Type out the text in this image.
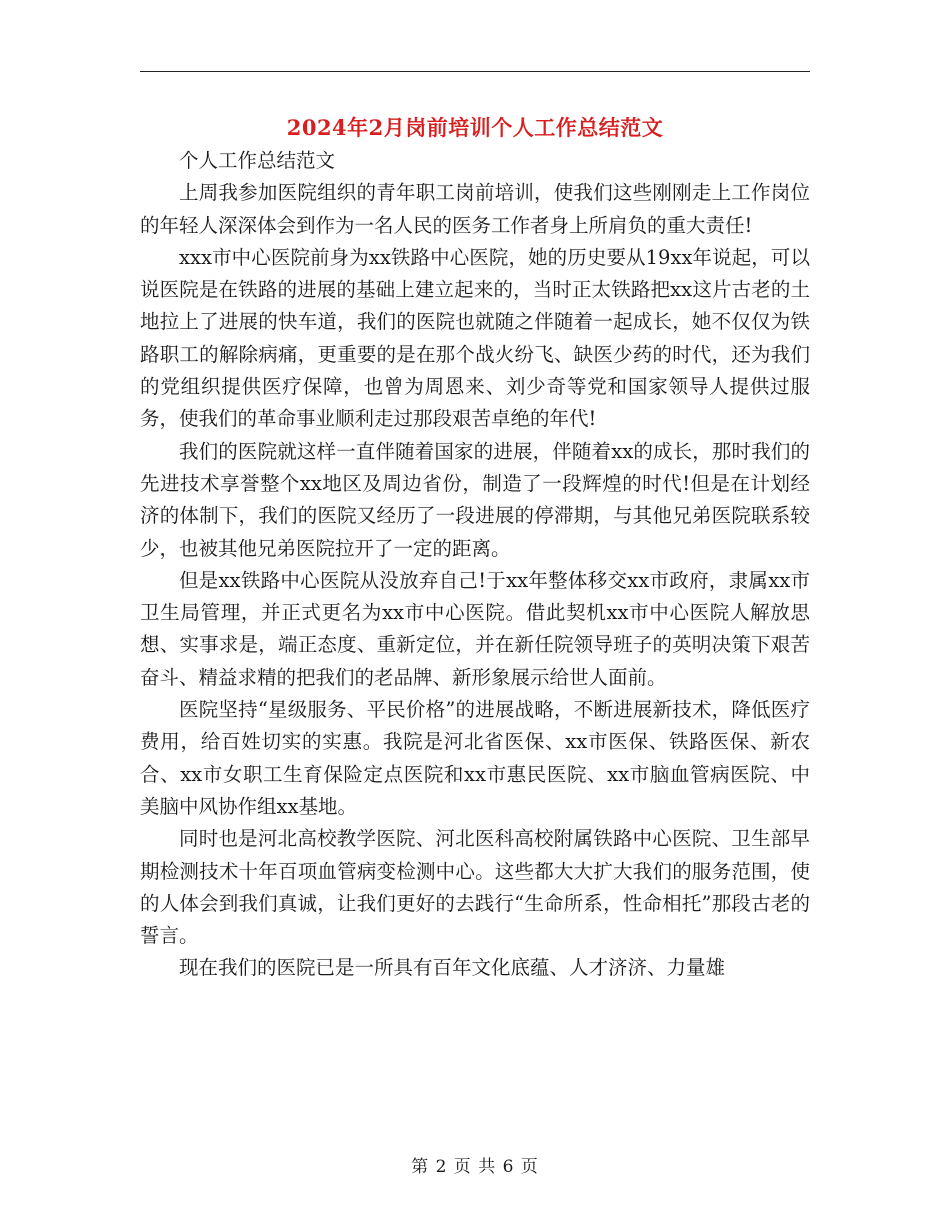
2024年2月岗前培训个人工作总结范文

个人工作总结范文

上周我参加医院组织的青年职工岗前培训，使我们这些刚刚走上工作岗位的年轻人深深体会到作为一名人民的医务工作者身上所肩负的重大责任!

xxx市中心医院前身为xx铁路中心医院，她的历史要从19xx年说起，可以说医院是在铁路的进展的基础上建立起来的，当时正太铁路把xx这片古老的土地拉上了进展的快车道，我们的医院也就随之伴随着一起成长，她不仅仅为铁路职工的解除病痛，更重要的是在那个战火纷飞、缺医少药的时代，还为我们的党组织提供医疗保障，也曾为周恩来、刘少奇等党和国家领导人提供过服务，使我们的革命事业顺利走过那段艰苦卓绝的年代!

我们的医院就这样一直伴随着国家的进展，伴随着xx的成长，那时我们的先进技术享誉整个xx地区及周边省份，制造了一段辉煌的时代!但是在计划经济的体制下，我们的医院又经历了一段进展的停滞期，与其他兄弟医院联系较少，也被其他兄弟医院拉开了一定的距离。

但是xx铁路中心医院从没放弃自己!于xx年整体移交xx市政府，隶属xx市卫生局管理，并正式更名为xx市中心医院。借此契机xx市中心医院人解放思想、实事求是，端正态度、重新定位，并在新任院领导班子的英明决策下艰苦奋斗、精益求精的把我们的老品牌、新形象展示给世人面前。

医院坚持“星级服务、平民价格”的进展战略，不断进展新技术，降低医疗费用，给百姓切实的实惠。我院是河北省医保、xx市医保、铁路医保、新农合、xx市女职工生育保险定点医院和xx市惠民医院、xx市脑血管病医院、中美脑中风协作组xx基地。

同时也是河北高校教学医院、河北医科高校附属铁路中心医院、卫生部早期检测技术十年百项血管病变检测中心。这些都大大扩大我们的服务范围，使的人体会到我们真诚，让我们更好的去践行“生命所系，性命相托”那段古老的誓言。

现在我们的医院已是一所具有百年文化底蕴、人才济济、力量雄

第 2 页 共 6 页
